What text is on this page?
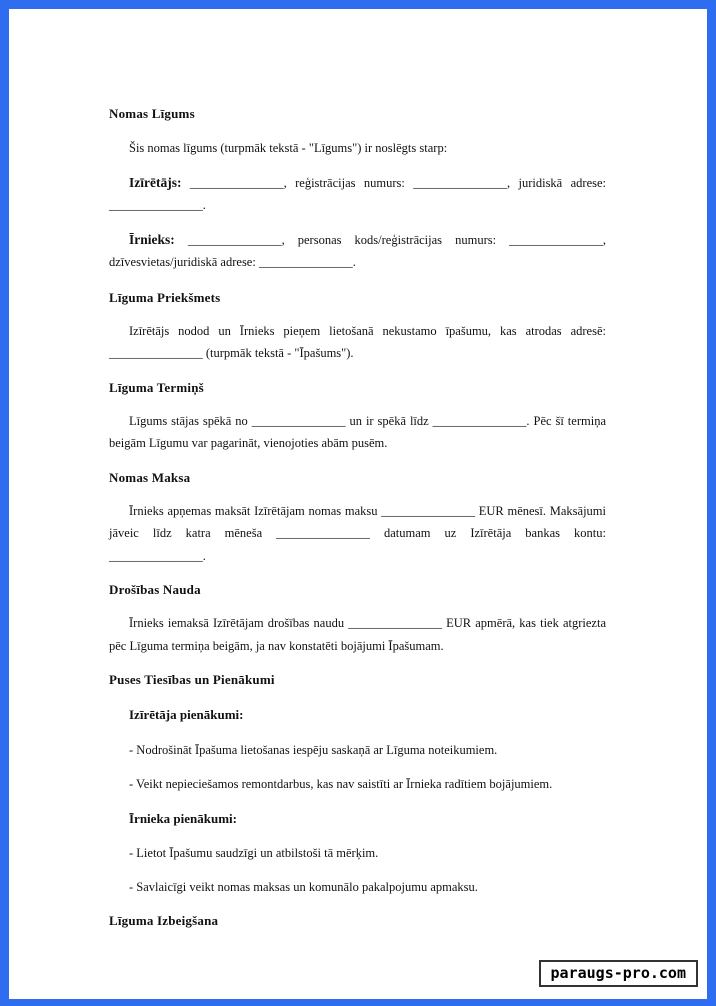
Nomas Līgums

Šis nomas līgums (turpmāk tekstā - "Līgums") ir noslēgts starp:

Izīrētājs: _______________, reģistrācijas numurs: _______________, juridiskā adrese: _______________.

Īrnieks: _______________, personas kods/reģistrācijas numurs: _______________, dzīvesvietas/juridiskā adrese: _______________.

Līguma Priekšmets

Izīrētājs nodod un Īrnieks pieņem lietošanā nekustamo īpašumu, kas atrodas adresē: _______________ (turpmāk tekstā - "Īpašums").

Līguma Termiņš

Līgums stājas spēkā no _______________ un ir spēkā līdz _______________. Pēc šī termiņa beigām Līgumu var pagarināt, vienojoties abām pusēm.

Nomas Maksa

Īrnieks apņemas maksāt Izīrētājam nomas maksu _______________ EUR mēnesī. Maksājumi jāveic līdz katra mēneša _______________ datumam uz Izīrētāja bankas kontu: _______________.

Drošības Nauda

Īrnieks iemaksā Izīrētājam drošības naudu _______________ EUR apmērā, kas tiek atgriezta pēc Līguma termiņa beigām, ja nav konstatēti bojājumi Īpašumam.

Puses Tiesības un Pienākumi

Izīrētāja pienākumi:

- Nodrošināt Īpašuma lietošanas iespēju saskaņā ar Līguma noteikumiem.

- Veikt nepieciešamos remontdarbus, kas nav saistīti ar Īrnieka radītiem bojājumiem.

Īrnieka pienākumi:

- Lietot Īpašumu saudzīgi un atbilstoši tā mērķim.

- Savlaicīgi veikt nomas maksas un komunālo pakalpojumu apmaksu.

Līguma Izbeigšana
paraugs-pro.com
